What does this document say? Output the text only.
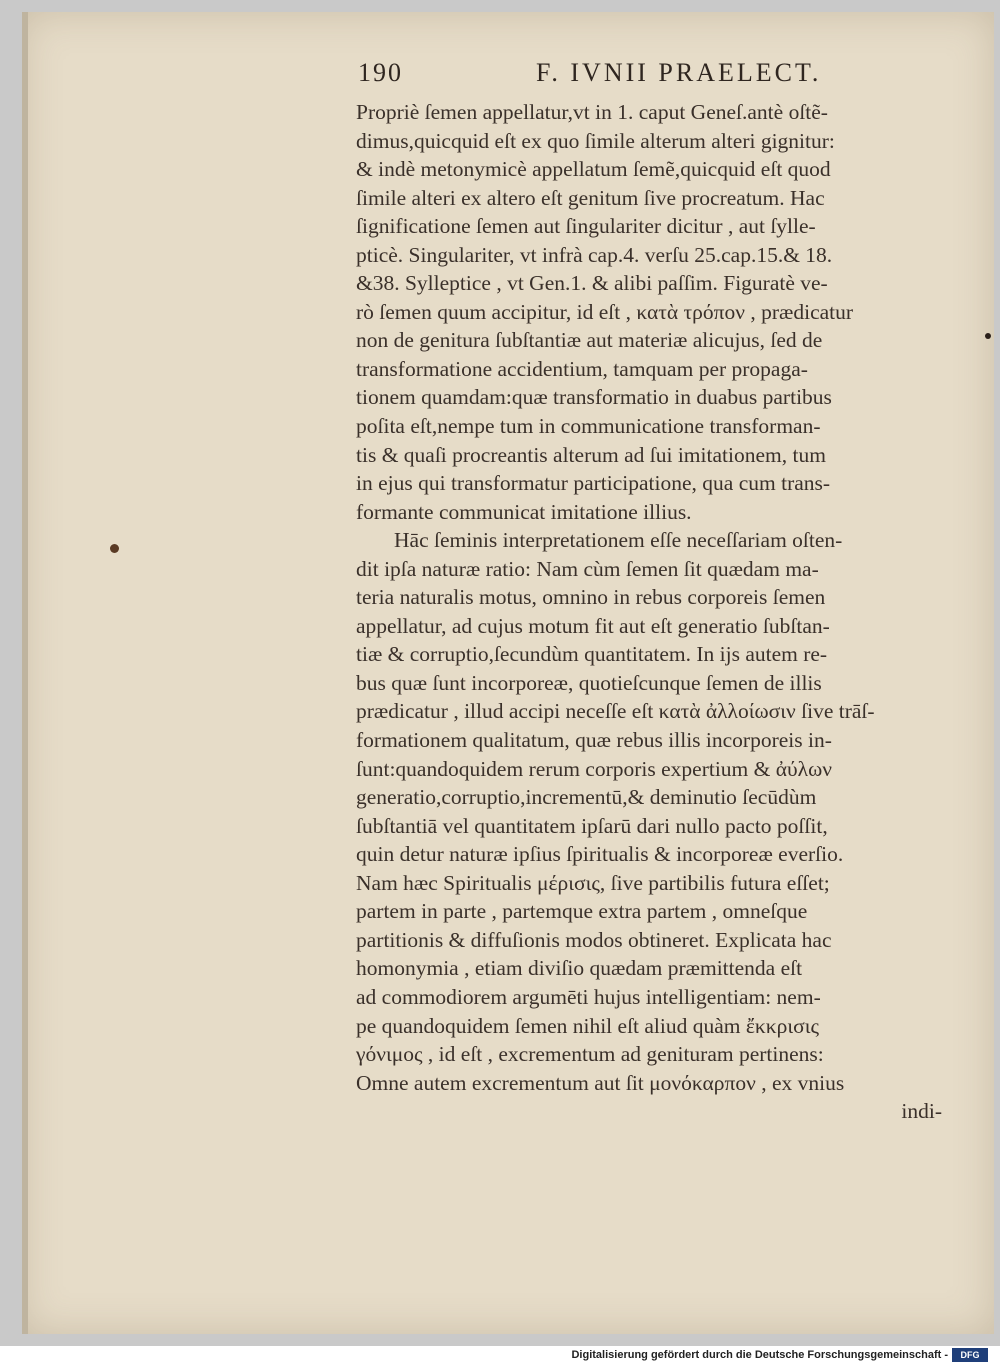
190	F. IVNII PRAELECT.
Propriè ſemen appellatur,vt in 1. caput Geneſ.antè oſtẽ-
dimus,quicquid eſt ex quo ſimile alterum alteri gignitur:
& indè metonymicè appellatum ſemẽ,quicquid eſt quod
ſimile alteri ex altero eſt genitum ſive procreatum. Hac
ſignificatione ſemen aut ſingulariter dicitur , aut ſylle-
pticè. Singulariter, vt infrà cap.4. verſu 25.cap.15.& 18.
&38. Sylleptice , vt Gen.1. & alibi paſſim. Figuratè ve-
rò ſemen quum accipitur, id eſt , κατὰ τρόπον , prædicatur
non de genitura ſubſtantiæ aut materiæ alicujus, ſed de
transformatione accidentium, tamquam per propaga-
tionem quamdam:quæ transformatio in duabus partibus
poſita eſt,nempe tum in communicatione transforman-
tis & quaſi procreantis alterum ad ſui imitationem, tum
in ejus qui transformatur participatione, qua cum trans-
formante communicat imitatione illius.
Hāc ſeminis interpretationem eſſe neceſſariam oſten-
dit ipſa naturæ ratio: Nam cùm ſemen ſit quædam ma-
teria naturalis motus, omnino in rebus corporeis ſemen
appellatur, ad cujus motum fit aut eſt generatio ſubſtan-
tiæ & corruptio,ſecundùm quantitatem. In ijs autem re-
bus quæ ſunt incorporeæ, quotieſcunque ſemen de illis
prædicatur , illud accipi neceſſe eſt κατὰ ἀλλοίωσιν ſive trāſ-
formationem qualitatum, quæ rebus illis incorporeis in-
ſunt:quandoquidem rerum corporis expertium & ἀύλων
generatio,corruptio,incrementū,& deminutio ſecūdùm
ſubſtantiā vel quantitatem ipſarū dari nullo pacto poſſit,
quin detur naturæ ipſius ſpiritualis & incorporeæ everſio.
Nam hæc Spiritualis μέρισις, ſive partibilis futura eſſet;
partem in parte , partemque extra partem , omneſque
partitionis & diffuſionis modos obtineret. Explicata hac
homonymia , etiam diviſio quædam præmittenda eſt
ad commodiorem argumēti hujus intelligentiam: nem-
pe quandoquidem ſemen nihil eſt aliud quàm ἔκκρισις
γόνιμος , id eſt , excrementum ad genituram pertinens:
Omne autem excrementum aut ſit μονόκαρπον , ex vnius
indi-
Digitalisierung gefördert durch die Deutsche Forschungsgemeinschaft -	DFG
